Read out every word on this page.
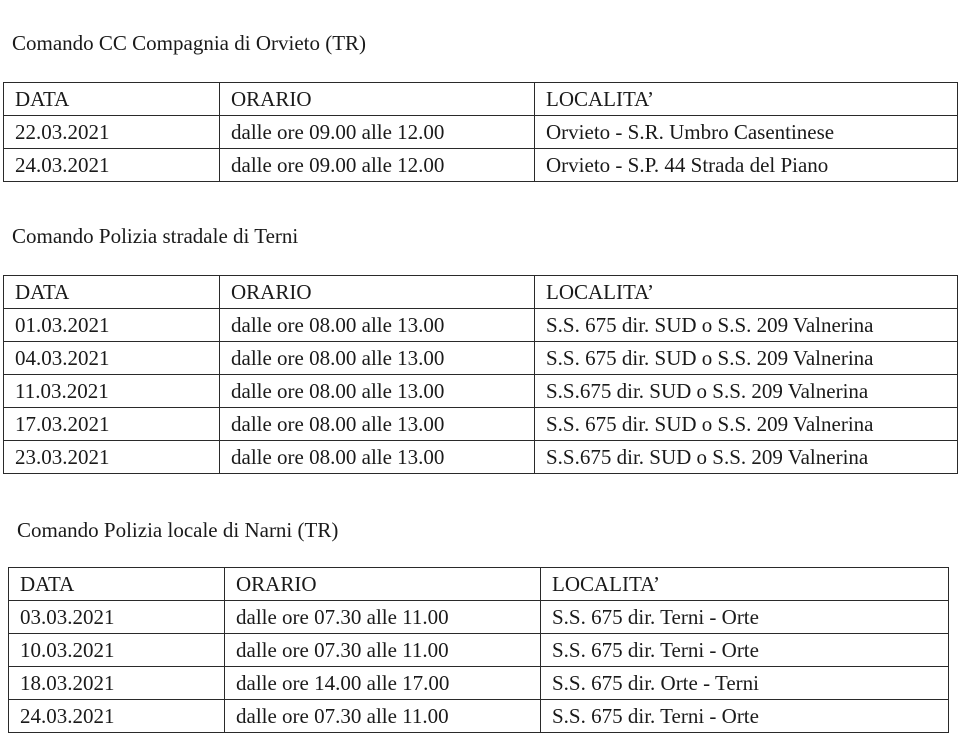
Comando CC Compagnia di Orvieto (TR)
DATA	ORARIO	LOCALITA’
22.03.2021	dalle ore 09.00 alle 12.00	Orvieto - S.R. Umbro Casentinese
24.03.2021	dalle ore 09.00 alle 12.00	Orvieto - S.P. 44 Strada del Piano
Comando Polizia stradale di Terni
DATA	ORARIO	LOCALITA’
01.03.2021	dalle ore 08.00 alle 13.00	S.S. 675 dir. SUD o S.S. 209 Valnerina
04.03.2021	dalle ore 08.00 alle 13.00	S.S. 675 dir. SUD o S.S. 209 Valnerina
11.03.2021	dalle ore 08.00 alle 13.00	S.S.675 dir. SUD o S.S. 209 Valnerina
17.03.2021	dalle ore 08.00 alle 13.00	S.S. 675 dir. SUD o S.S. 209 Valnerina
23.03.2021	dalle ore 08.00 alle 13.00	S.S.675 dir. SUD o S.S. 209 Valnerina
Comando Polizia locale di Narni (TR)
DATA	ORARIO	LOCALITA’
03.03.2021	dalle ore 07.30 alle 11.00	S.S. 675 dir. Terni - Orte
10.03.2021	dalle ore 07.30 alle 11.00	S.S. 675 dir. Terni - Orte
18.03.2021	dalle ore 14.00 alle 17.00	S.S. 675 dir. Orte - Terni
24.03.2021	dalle ore 07.30 alle 11.00	S.S. 675 dir. Terni - Orte
